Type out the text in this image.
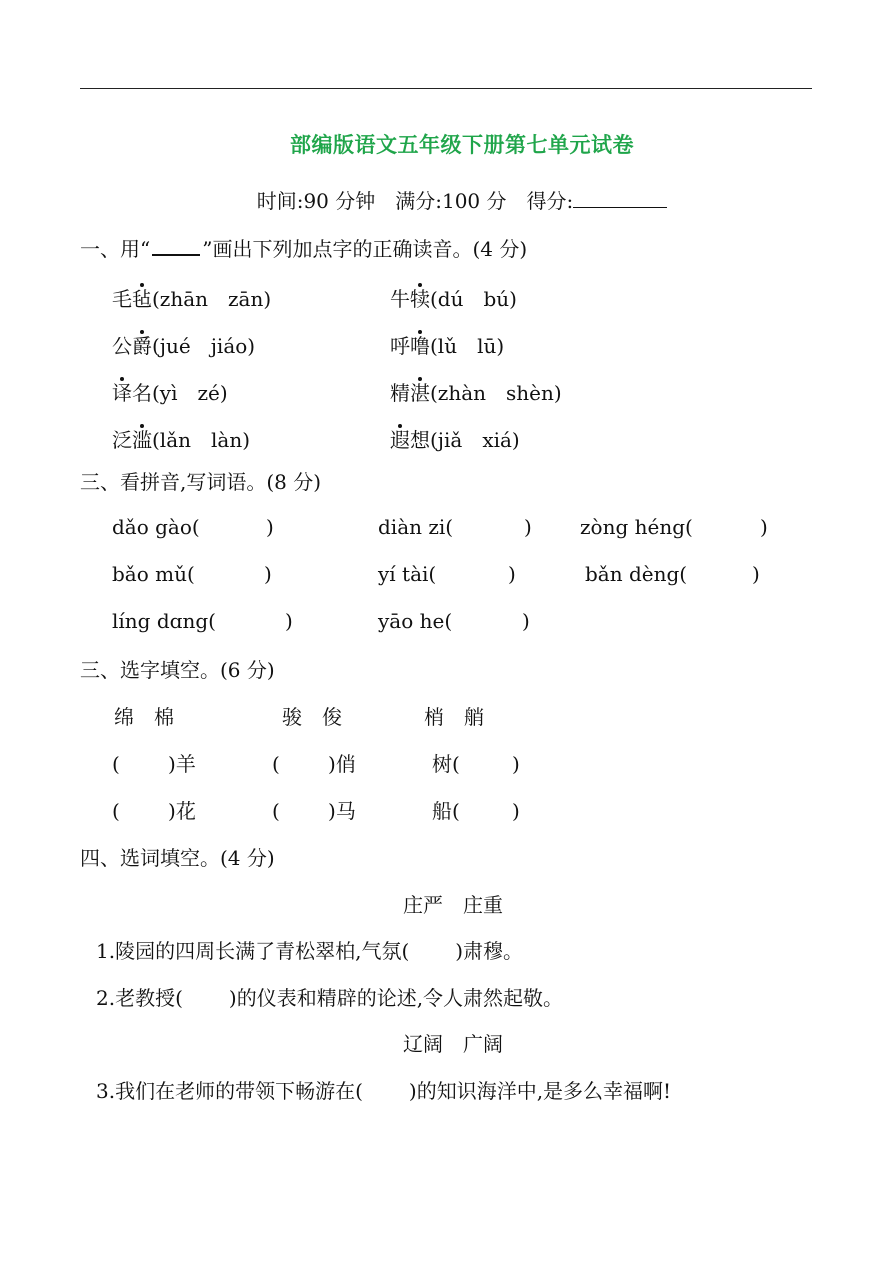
部编版语文五年级下册第七单元试卷
时间:90 分钟　 满分:100 分　 得分:
一、用“	”画出下列加点字的正确读音。(4 分)
毛毡(zhān　zān)	牛犊(dú　bú)
公爵(jué　jiáo)	呼噜(lǔ　lū)
译名(yì　zé)	精湛(zhàn　shèn)
泛滥(lǎn　làn)	遐想(jiǎ　xiá)
三、看拼音,写词语。(8 分)
dǎo gào(	)	diàn zi(	) zòng héng(	)
bǎo mǔ(	)	yí tài(	)	bǎn dèng(	)
líng dɑng(	)	yāo he(	)
三、选字填空。(6 分)
绵　棉	骏　俊	梢　艄
( )羊	( )俏	树(	)
( )花	( )马	船(	)
四、选词填空。(4 分)
庄严　庄重
1.陵园的四周长满了青松翠柏,气氛( )肃穆。
2.老教授( )的仪表和精辟的论述,令人肃然起敬。
辽阔　广阔
3.我们在老师的带领下畅游在( )的知识海洋中,是多么幸福啊!
